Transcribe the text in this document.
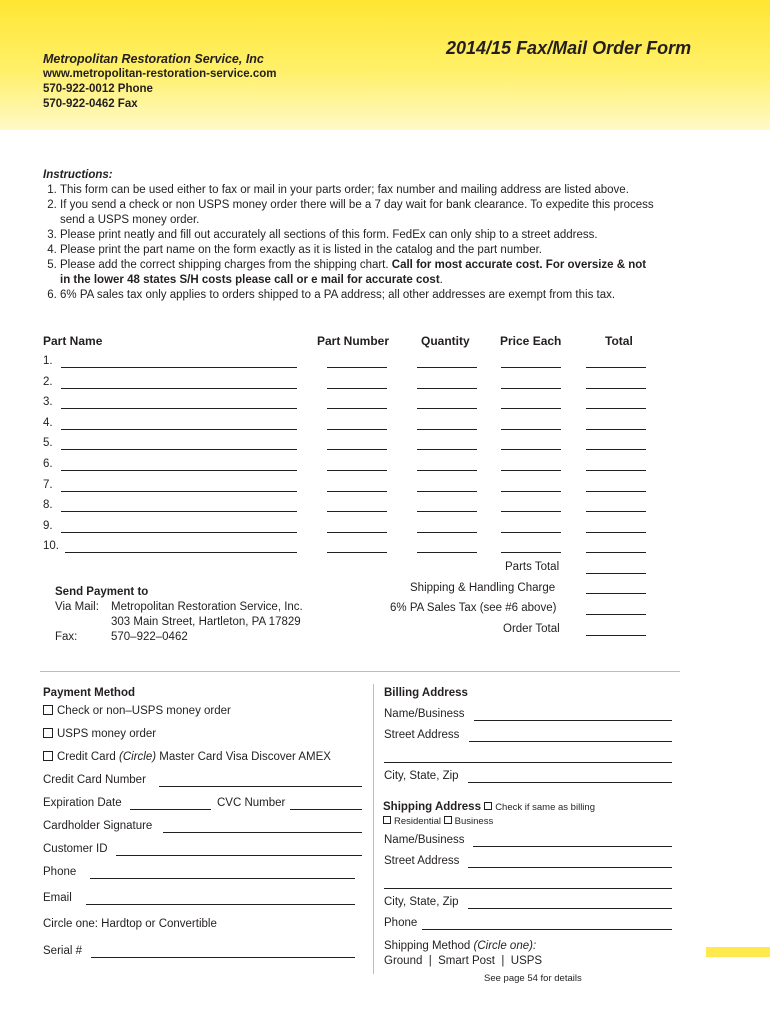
2014/15 Fax/Mail Order Form
Metropolitan Restoration Service, Inc
www.metropolitan-restoration-service.com
570-922-0012 Phone
570-922-0462 Fax
Instructions:
1. This form can be used either to fax or mail in your parts order; fax number and mailing address are listed above.
2. If you send a check or non USPS money order there will be a 7 day wait for bank clearance. To expedite this process send a USPS money order.
3. Please print neatly and fill out accurately all sections of this form. FedEx can only ship to a street address.
4. Please print the part name on the form exactly as it is listed in the catalog and the part number.
5. Please add the correct shipping charges from the shipping chart. Call for most accurate cost. For oversize & not in the lower 48 states S/H costs please call or e mail for accurate cost.
6. 6% PA sales tax only applies to orders shipped to a PA address; all other addresses are exempt from this tax.
Part Name	Part Number	Quantity	Price Each	Total
1.
2.
3.
4.
5.
6.
7.
8.
9.
10.
Parts Total
Shipping & Handling Charge
6% PA Sales Tax (see #6 above)
Order Total
Send Payment to
Via Mail: Metropolitan Restoration Service, Inc.
303 Main Street, Hartleton, PA 17829
Fax:	570–922–0462
Payment Method
Check or non–USPS money order
USPS money order
Credit Card (Circle) Master Card Visa Discover AMEX
Credit Card Number
Expiration Date	CVC Number
Cardholder Signature
Customer ID
Phone
Email
Circle one: Hardtop or Convertible
Serial #
Billing Address
Name/Business
Street Address
City, State, Zip
Shipping Address Check if same as billing
Residential Business
Name/Business
Street Address
City, State, Zip
Phone
Shipping Method (Circle one):
Ground  |  Smart Post  |  USPS
See page 54 for details
